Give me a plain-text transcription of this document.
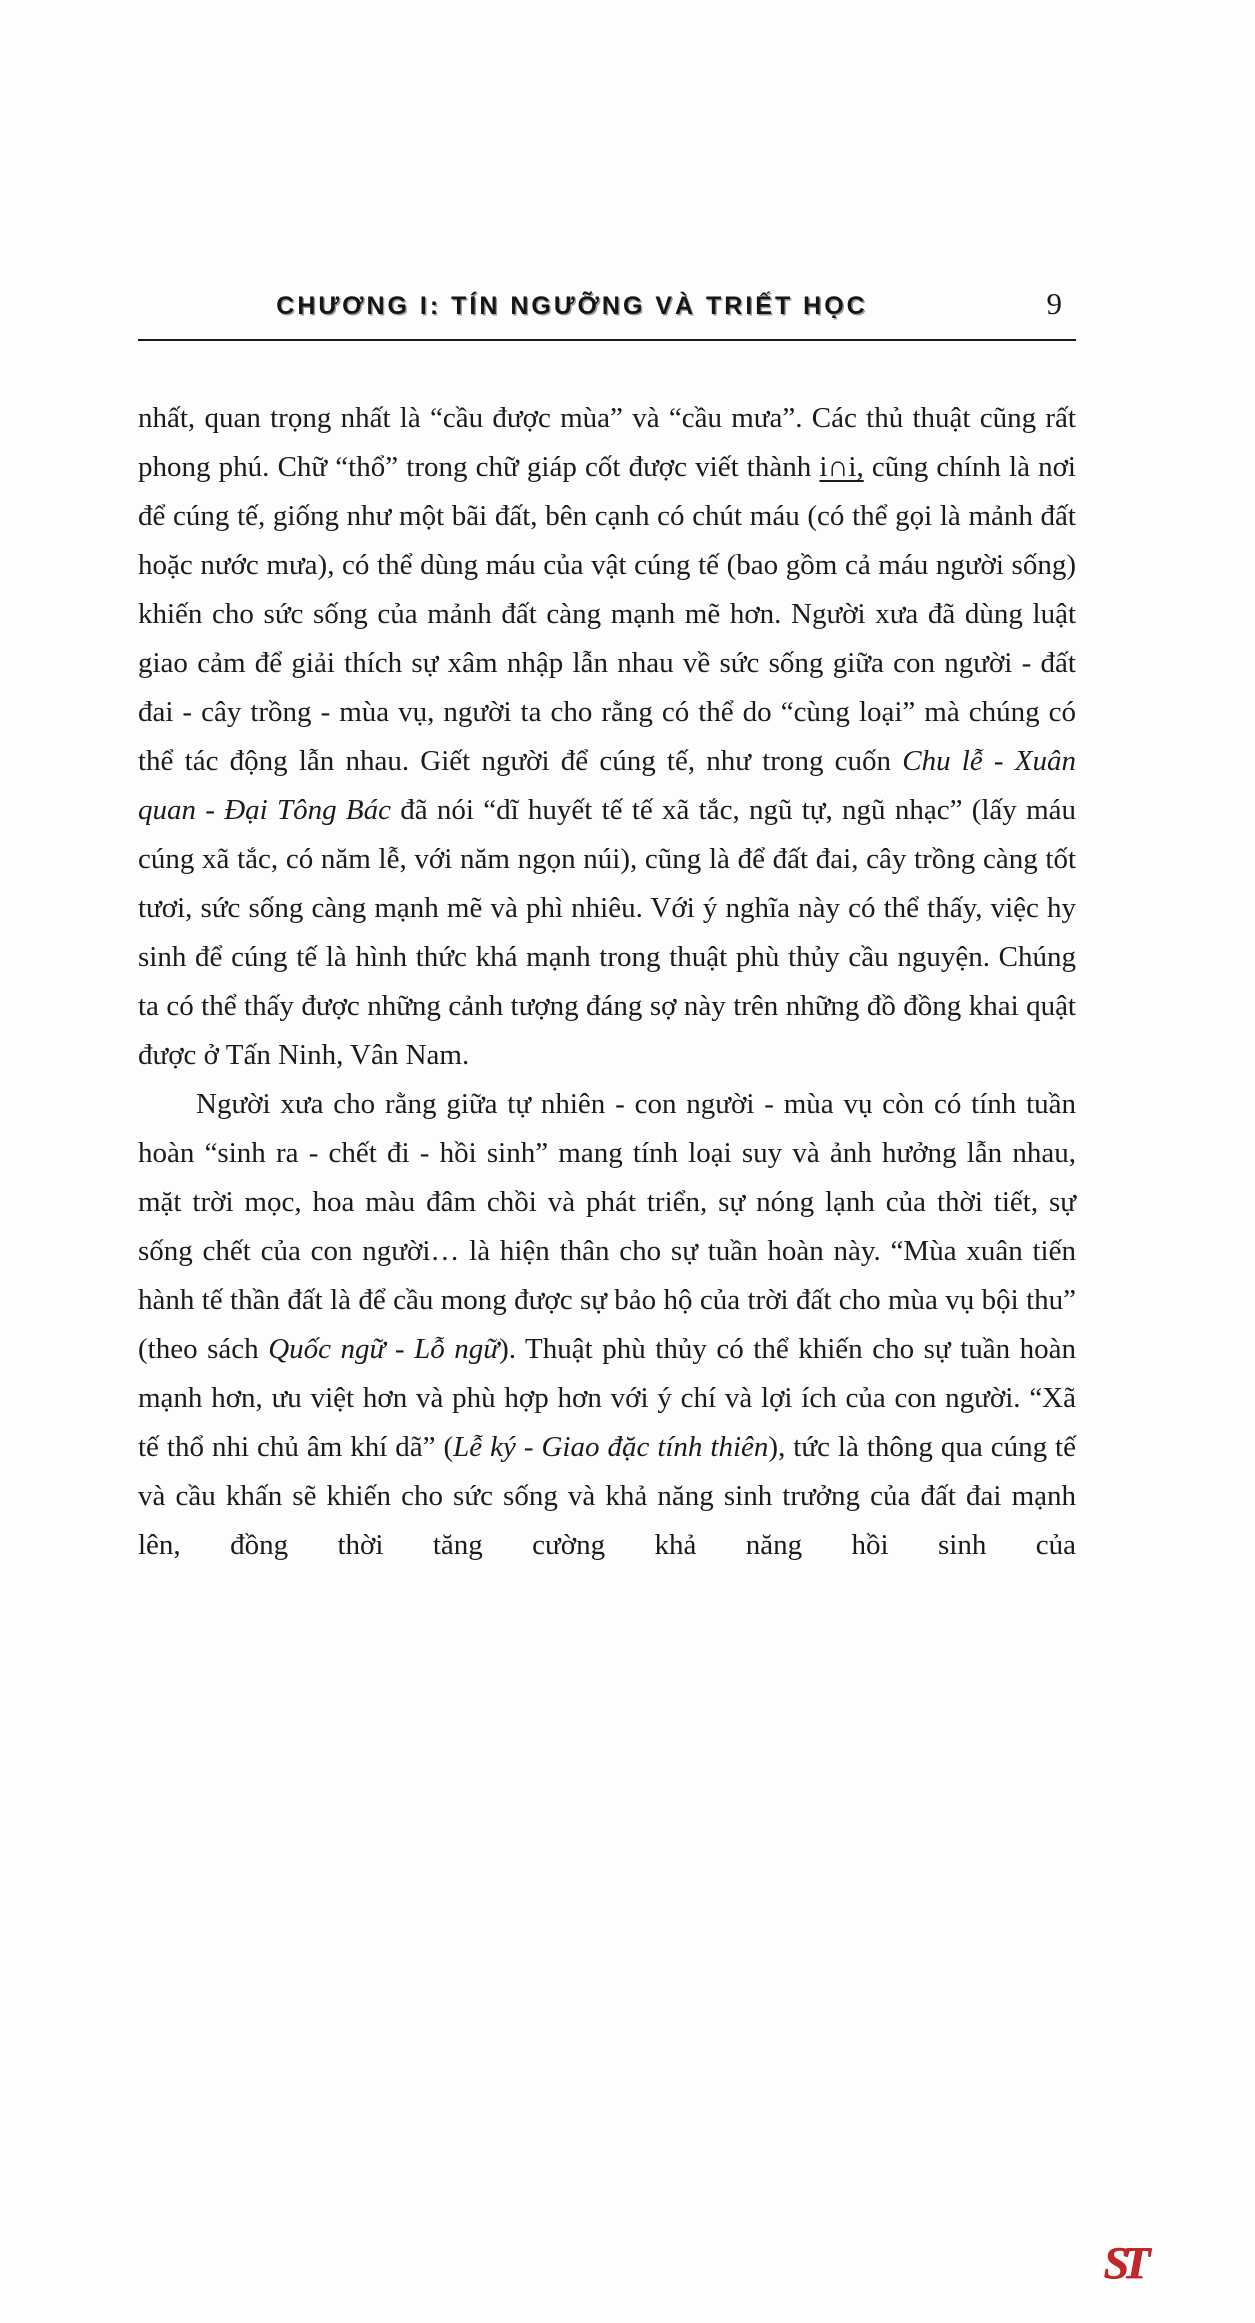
CHƯƠNG I: TÍN NGƯỠNG VÀ TRIẾT HỌC	9

nhất, quan trọng nhất là “cầu được mùa” và “cầu mưa”. Các thủ thuật cũng rất phong phú. Chữ “thổ” trong chữ giáp cốt được viết thành i∩i, cũng chính là nơi để cúng tế, giống như một bãi đất, bên cạnh có chút máu (có thể gọi là mảnh đất hoặc nước mưa), có thể dùng máu của vật cúng tế (bao gồm cả máu người sống) khiến cho sức sống của mảnh đất càng mạnh mẽ hơn. Người xưa đã dùng luật giao cảm để giải thích sự xâm nhập lẫn nhau về sức sống giữa con người - đất đai - cây trồng - mùa vụ, người ta cho rằng có thể do “cùng loại” mà chúng có thể tác động lẫn nhau. Giết người để cúng tế, như trong cuốn Chu lễ - Xuân quan - Đại Tông Bác đã nói “dĩ huyết tế tế xã tắc, ngũ tự, ngũ nhạc” (lấy máu cúng xã tắc, có năm lễ, với năm ngọn núi), cũng là để đất đai, cây trồng càng tốt tươi, sức sống càng mạnh mẽ và phì nhiêu. Với ý nghĩa này có thể thấy, việc hy sinh để cúng tế là hình thức khá mạnh trong thuật phù thủy cầu nguyện. Chúng ta có thể thấy được những cảnh tượng đáng sợ này trên những đồ đồng khai quật được ở Tấn Ninh, Vân Nam.

Người xưa cho rằng giữa tự nhiên - con người - mùa vụ còn có tính tuần hoàn “sinh ra - chết đi - hồi sinh” mang tính loại suy và ảnh hưởng lẫn nhau, mặt trời mọc, hoa màu đâm chồi và phát triển, sự nóng lạnh của thời tiết, sự sống chết của con người… là hiện thân cho sự tuần hoàn này. “Mùa xuân tiến hành tế thần đất là để cầu mong được sự bảo hộ của trời đất cho mùa vụ bội thu” (theo sách Quốc ngữ - Lỗ ngữ). Thuật phù thủy có thể khiến cho sự tuần hoàn mạnh hơn, ưu việt hơn và phù hợp hơn với ý chí và lợi ích của con người. “Xã tế thổ nhi chủ âm khí dã” (Lễ ký - Giao đặc tính thiên), tức là thông qua cúng tế và cầu khấn sẽ khiến cho sức sống và khả năng sinh trưởng của đất đai mạnh lên, đồng thời tăng cường khả năng hồi sinh của

ST
